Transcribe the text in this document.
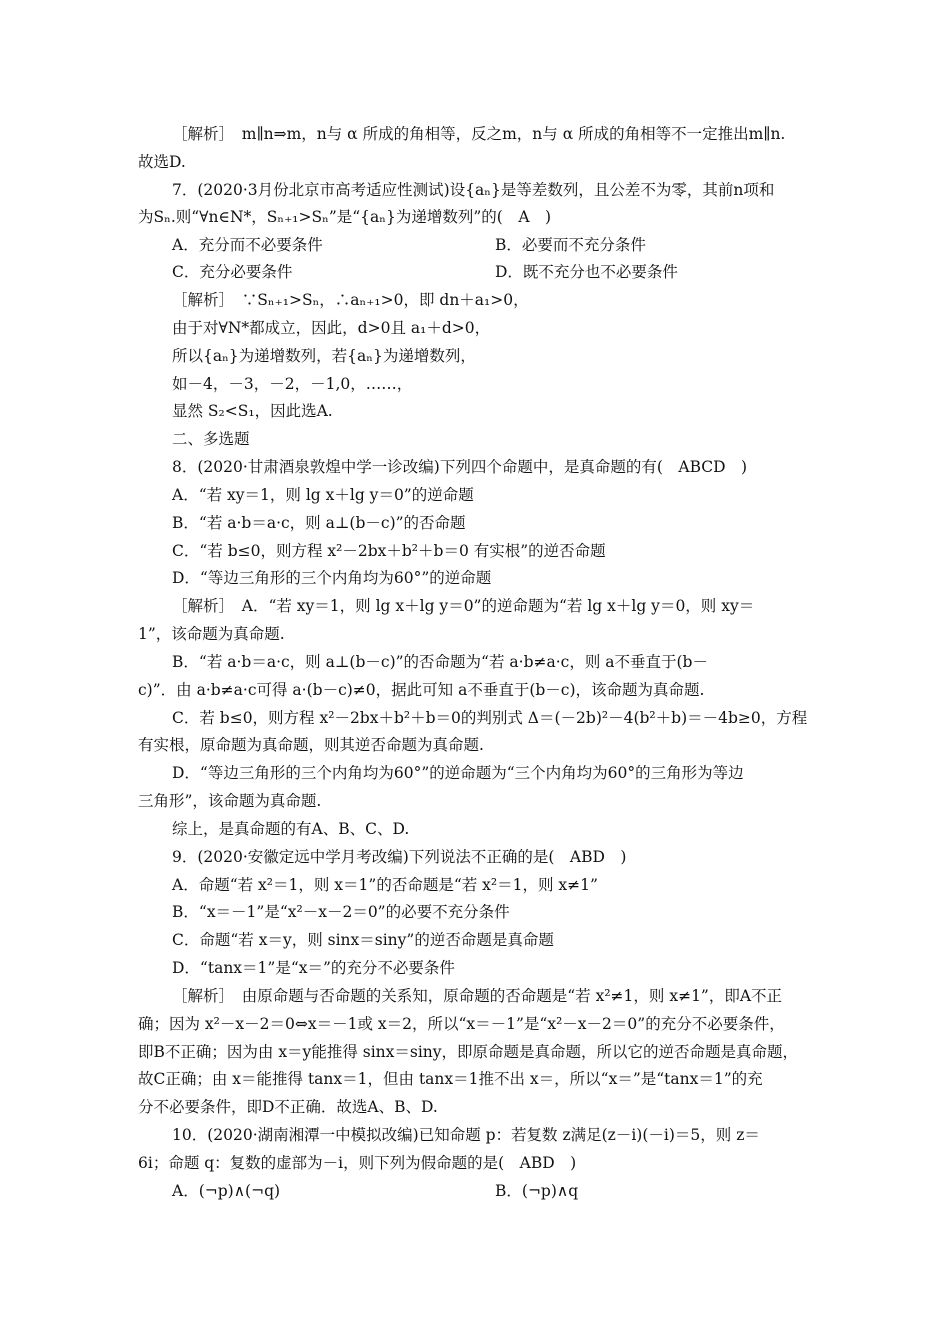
［解析］　m∥n⇒m，n与 α 所成的角相等，反之m，n与 α 所成的角相等不一定推出m∥n.
故选D.
7．(2020·3月份北京市高考适应性测试)设{aₙ}是等差数列，且公差不为零，其前n项和
为Sₙ.则“∀n∈N*，Sₙ₊₁>Sₙ”是“{aₙ}为递增数列”的(　A　)
A．充分而不必要条件	B．必要而不充分条件
C．充分必要条件	D．既不充分也不必要条件
［解析］　∵Sₙ₊₁>Sₙ，∴aₙ₊₁>0，即 dn＋a₁>0，
由于对∀N*都成立，因此，d>0且 a₁＋d>0，
所以{aₙ}为递增数列，若{aₙ}为递增数列，
如－4，－3，－2，－1,0，……，
显然 S₂<S₁，因此选A.
二、多选题
8．(2020·甘肃酒泉敦煌中学一诊改编)下列四个命题中，是真命题的有(　ABCD　)
A．“若 xy＝1，则 lg x＋lg y＝0”的逆命题
B．“若 a·b＝a·c，则 a⊥(b－c)”的否命题
C．“若 b≤0，则方程 x²－2bx＋b²＋b＝0 有实根”的逆否命题
D．“等边三角形的三个内角均为60°”的逆命题
［解析］　A．“若 xy＝1，则 lg x＋lg y＝0”的逆命题为“若 lg x＋lg y＝0，则 xy＝
1”，该命题为真命题.
B．“若 a·b＝a·c，则 a⊥(b－c)”的否命题为“若 a·b≠a·c，则 a不垂直于(b－
c)”．由 a·b≠a·c可得 a·(b－c)≠0，据此可知 a不垂直于(b－c)，该命题为真命题.
C．若 b≤0，则方程 x²－2bx＋b²＋b＝0的判别式 Δ＝(－2b)²－4(b²＋b)＝－4b≥0，方程
有实根，原命题为真命题，则其逆否命题为真命题.
D．“等边三角形的三个内角均为60°”的逆命题为“三个内角均为60°的三角形为等边
三角形”，该命题为真命题.
综上，是真命题的有A、B、C、D.
9．(2020·安徽定远中学月考改编)下列说法不正确的是(　ABD　)
A．命题“若 x²＝1，则 x＝1”的否命题是“若 x²＝1，则 x≠1”
B．“x＝－1”是“x²－x－2＝0”的必要不充分条件
C．命题“若 x＝y，则 sinx＝siny”的逆否命题是真命题
D．“tanx＝1”是“x＝”的充分不必要条件
［解析］　由原命题与否命题的关系知，原命题的否命题是“若 x²≠1，则 x≠1”，即A不正
确；因为 x²－x－2＝0⇔x＝－1或 x＝2，所以“x＝－1”是“x²－x－2＝0”的充分不必要条件，
即B不正确；因为由 x＝y能推得 sinx＝siny，即原命题是真命题，所以它的逆否命题是真命题，
故C正确；由 x＝能推得 tanx＝1，但由 tanx＝1推不出 x＝，所以“x＝”是“tanx＝1”的充
分不必要条件，即D不正确．故选A、B、D.
10．(2020·湖南湘潭一中模拟改编)已知命题 p：若复数 z满足(z－i)(－i)＝5，则 z＝
6i；命题 q：复数的虚部为－i，则下列为假命题的是(　ABD　)
A．(¬p)∧(¬q)	B．(¬p)∧q
